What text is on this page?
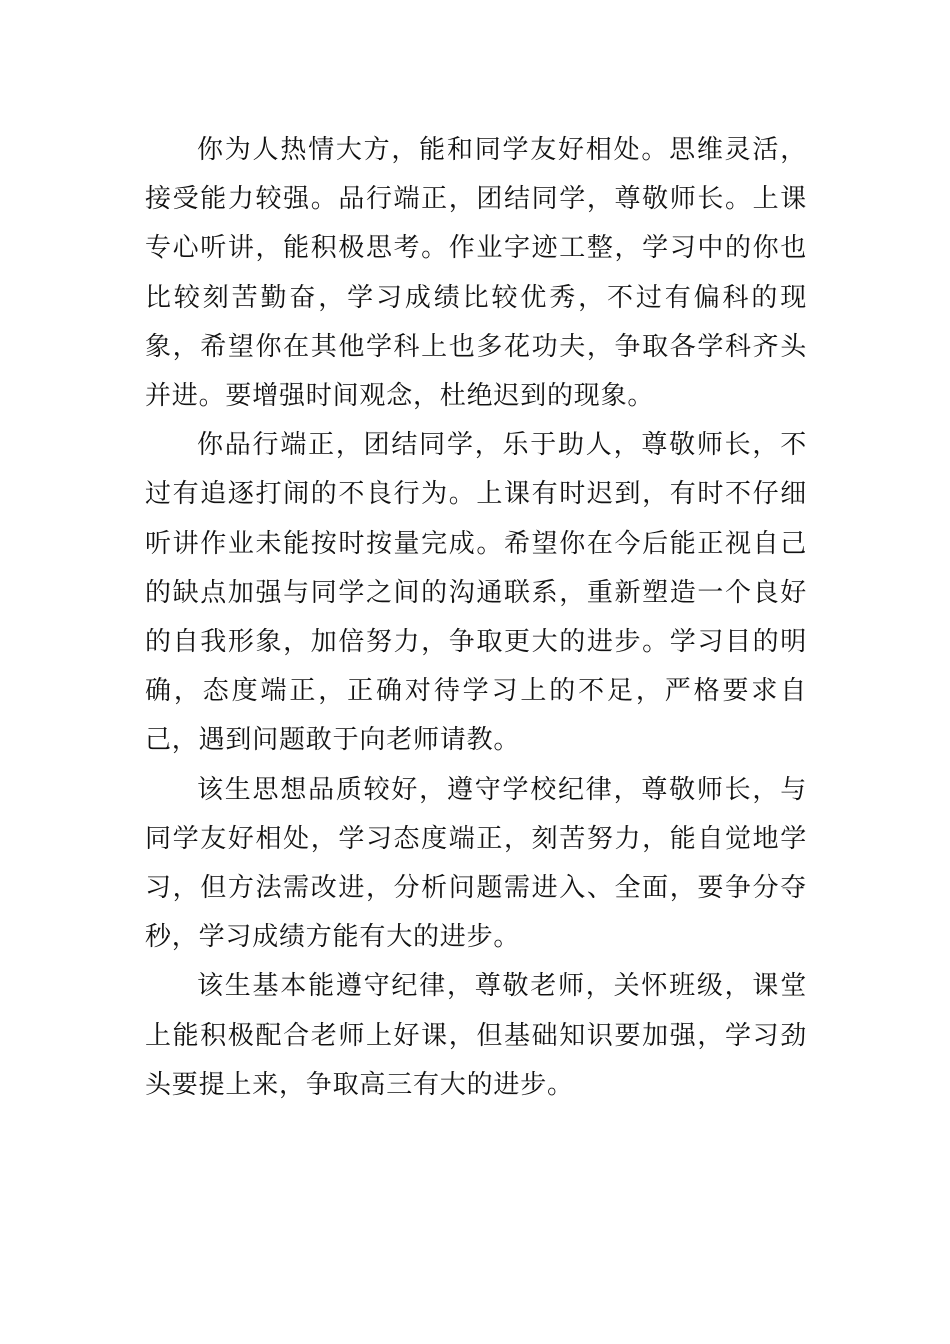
你为人热情大方，能和同学友好相处。思维灵活，接受能力较强。品行端正，团结同学，尊敬师长。上课专心听讲，能积极思考。作业字迹工整，学习中的你也比较刻苦勤奋，学习成绩比较优秀，不过有偏科的现象，希望你在其他学科上也多花功夫，争取各学科齐头并进。要增强时间观念，杜绝迟到的现象。

你品行端正，团结同学，乐于助人，尊敬师长，不过有追逐打闹的不良行为。上课有时迟到，有时不仔细听讲作业未能按时按量完成。希望你在今后能正视自己的缺点加强与同学之间的沟通联系，重新塑造一个良好的自我形象，加倍努力，争取更大的进步。学习目的明确，态度端正，正确对待学习上的不足，严格要求自己，遇到问题敢于向老师请教。

该生思想品质较好，遵守学校纪律，尊敬师长，与同学友好相处，学习态度端正，刻苦努力，能自觉地学习，但方法需改进，分析问题需进入、全面，要争分夺秒，学习成绩方能有大的进步。

该生基本能遵守纪律，尊敬老师，关怀班级，课堂上能积极配合老师上好课，但基础知识要加强，学习劲头要提上来，争取高三有大的进步。
